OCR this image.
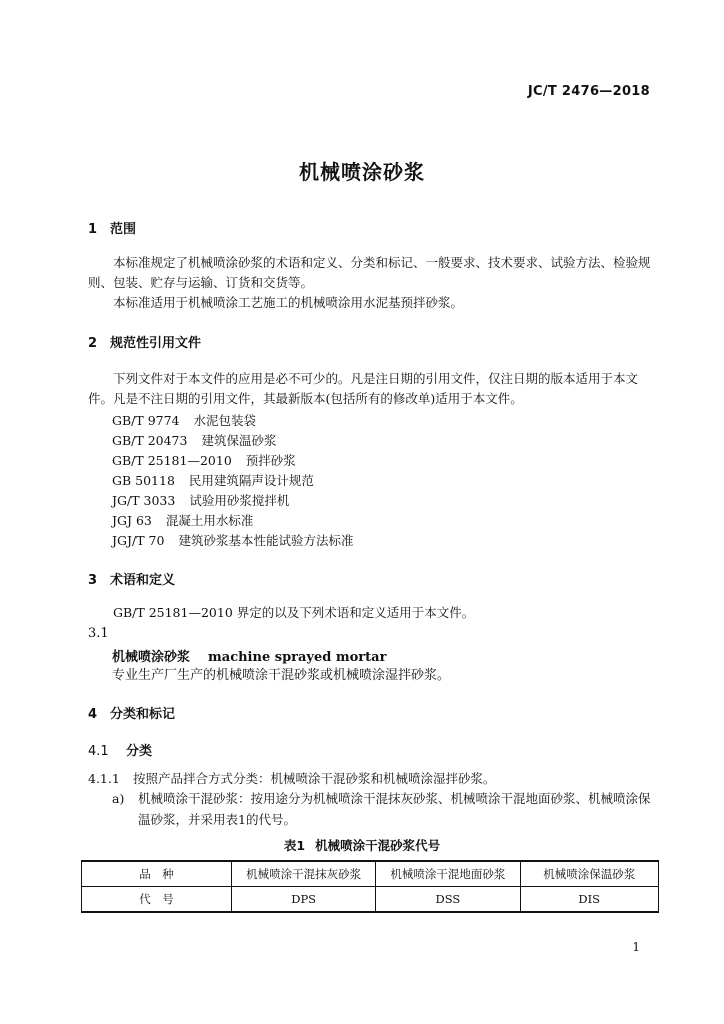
JC/T 2476—2018
机械喷涂砂浆
1 范围
本标准规定了机械喷涂砂浆的术语和定义、分类和标记、一般要求、技术要求、试验方法、检验规则、包装、贮存与运输、订货和交货等。
本标准适用于机械喷涂工艺施工的机械喷涂用水泥基预拌砂浆。
2 规范性引用文件
下列文件对于本文件的应用是必不可少的。凡是注日期的引用文件，仅注日期的版本适用于本文件。凡是不注日期的引用文件，其最新版本(包括所有的修改单)适用于本文件。
GB/T 9774 水泥包装袋
GB/T 20473 建筑保温砂浆
GB/T 25181—2010 预拌砂浆
GB 50118 民用建筑隔声设计规范
JG/T 3033 试验用砂浆搅拌机
JGJ 63 混凝土用水标准
JGJ/T 70 建筑砂浆基本性能试验方法标准
3 术语和定义
GB/T 25181—2010 界定的以及下列术语和定义适用于本文件。
3.1
机械喷涂砂浆 machine sprayed mortar
专业生产厂生产的机械喷涂干混砂浆或机械喷涂湿拌砂浆。
4 分类和标记
4.1 分类
4.1.1 按照产品拌合方式分类：机械喷涂干混砂浆和机械喷涂湿拌砂浆。
a) 机械喷涂干混砂浆：按用途分为机械喷涂干混抹灰砂浆、机械喷涂干混地面砂浆、机械喷涂保温砂浆，并采用表1的代号。
表1 机械喷涂干混砂浆代号
品　种	机械喷涂干混抹灰砂浆	机械喷涂干混地面砂浆	机械喷涂保温砂浆
代　号	DPS	DSS	DIS
1
